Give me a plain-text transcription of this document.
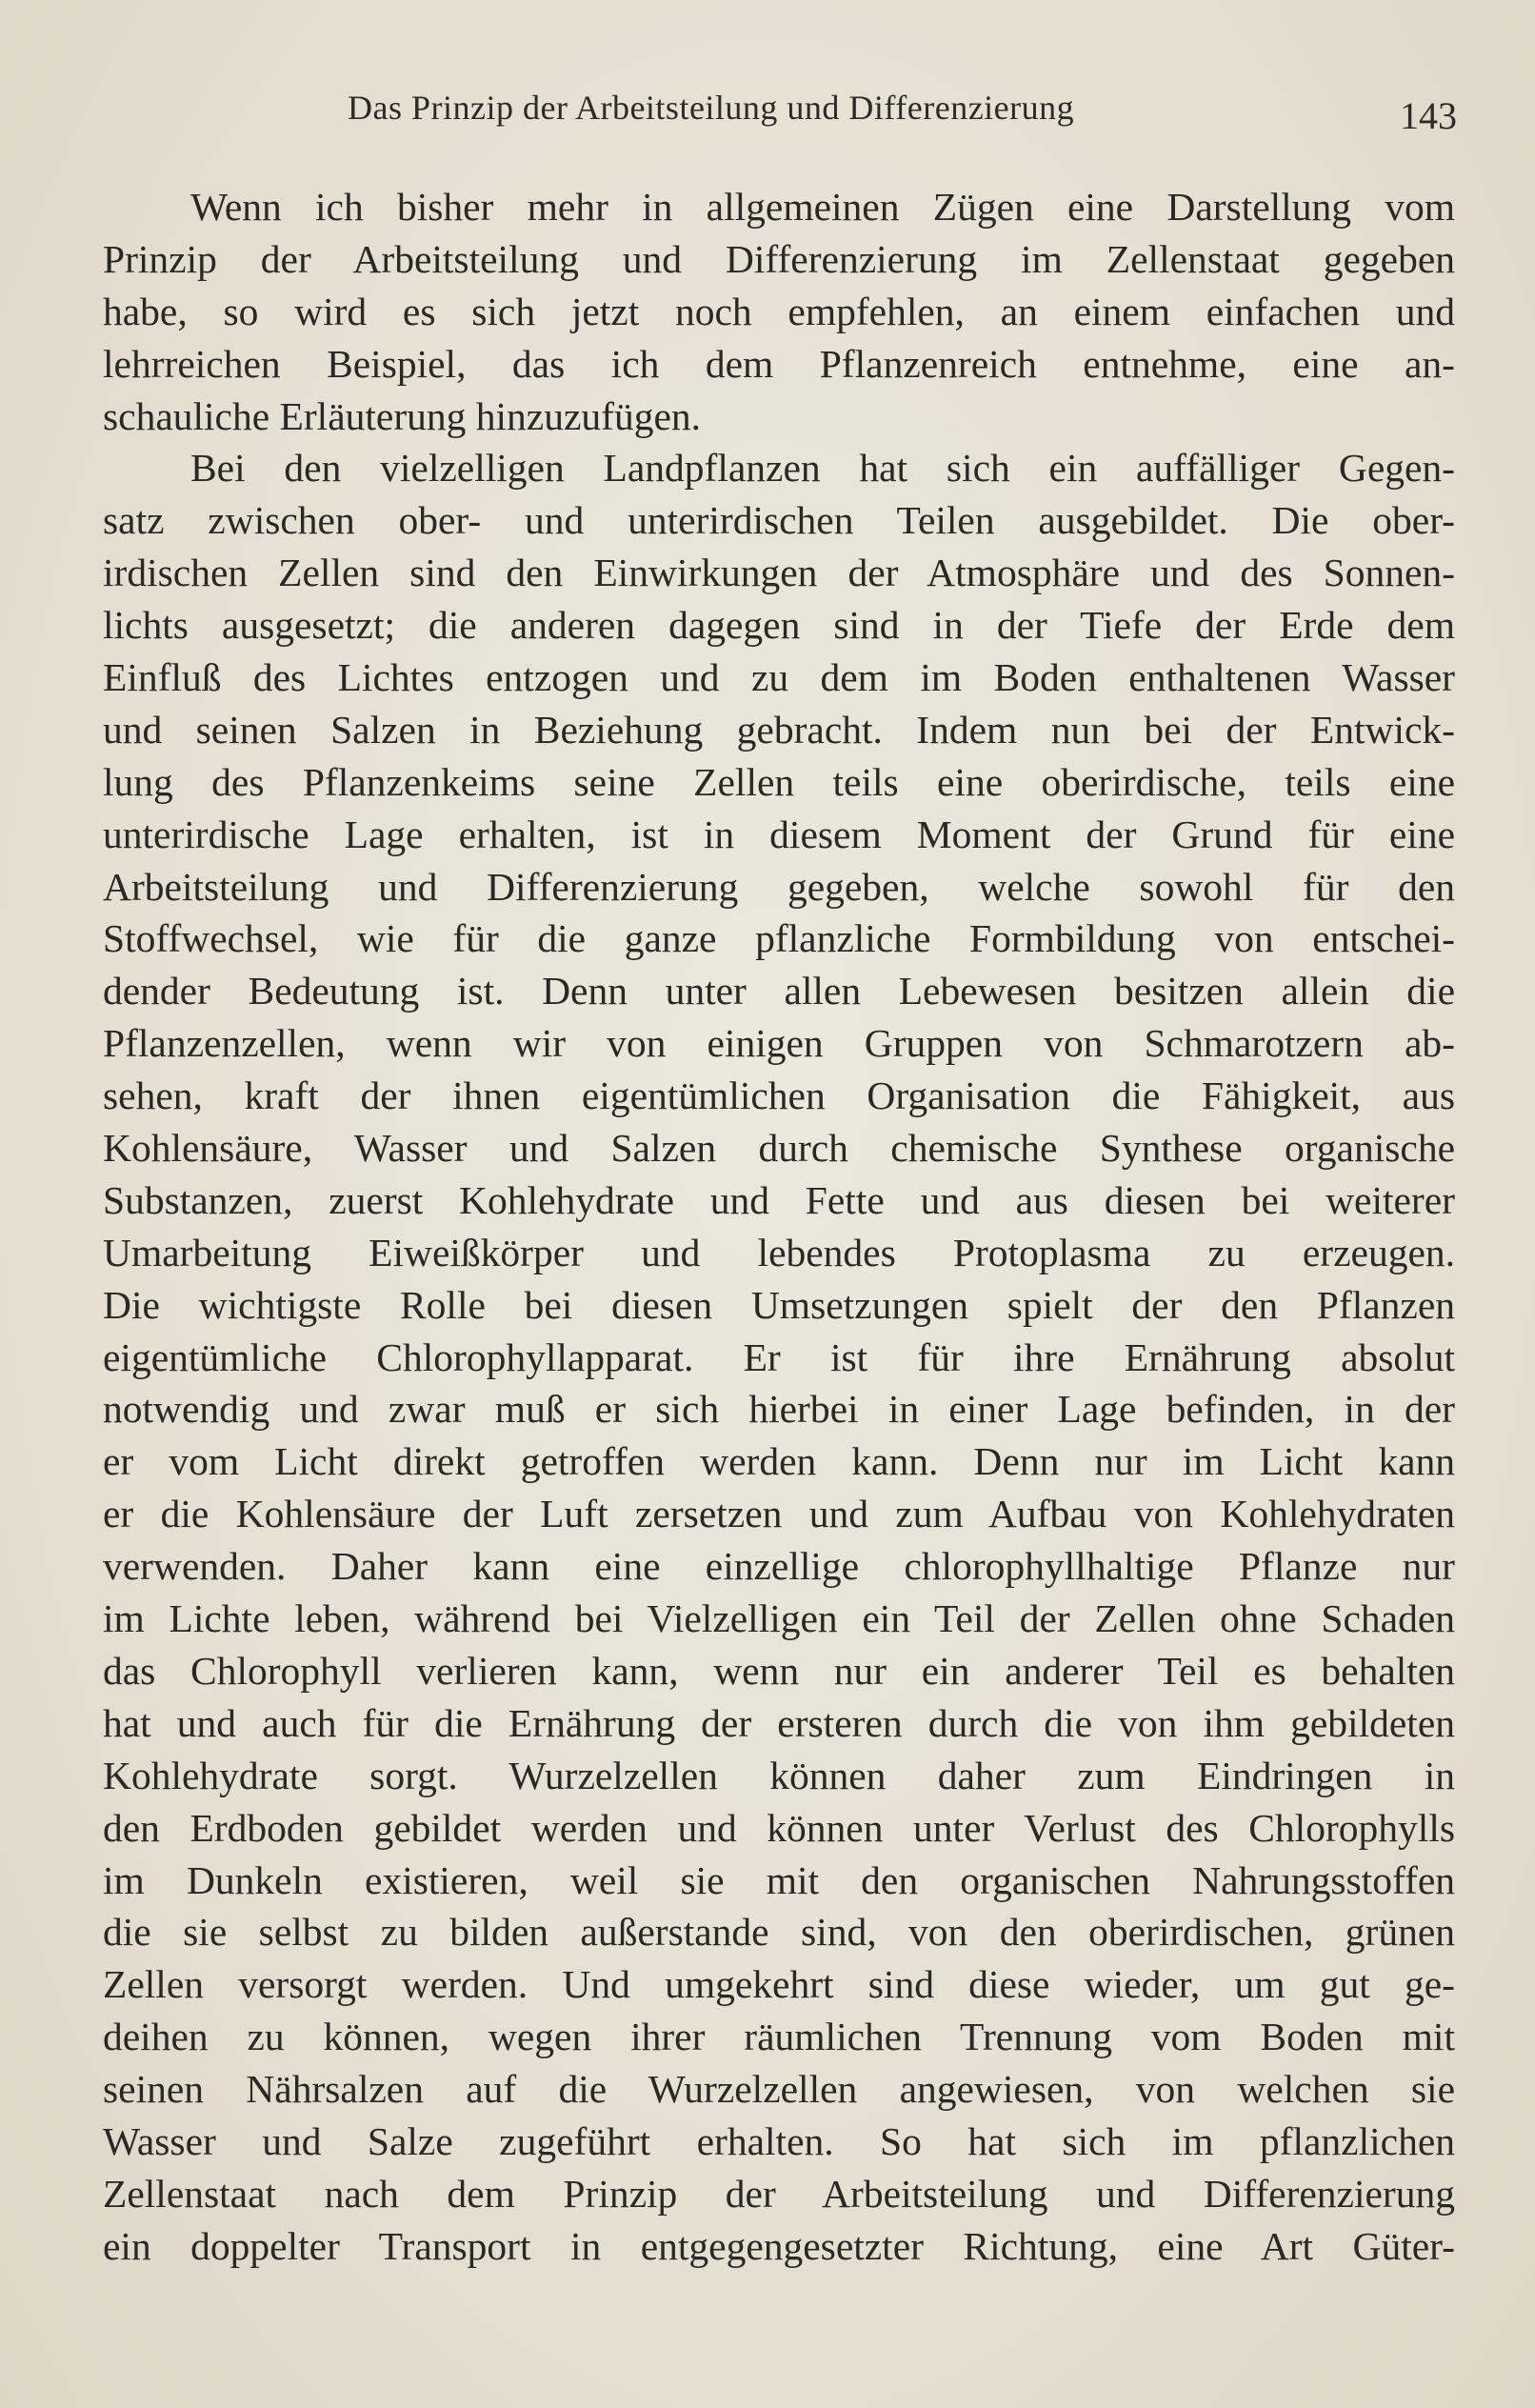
Das Prinzip der Arbeitsteilung und Differenzierung	143
Wenn ich bisher mehr in allgemeinen Zügen eine Darstellung vom
Prinzip der Arbeitsteilung und Differenzierung im Zellenstaat gegeben
habe, so wird es sich jetzt noch empfehlen, an einem einfachen und
lehrreichen Beispiel, das ich dem Pflanzenreich entnehme, eine an-
schauliche Erläuterung hinzuzufügen.
Bei den vielzelligen Landpflanzen hat sich ein auffälliger Gegen-
satz zwischen ober- und unterirdischen Teilen ausgebildet. Die ober-
irdischen Zellen sind den Einwirkungen der Atmosphäre und des Sonnen-
lichts ausgesetzt; die anderen dagegen sind in der Tiefe der Erde dem
Einfluß des Lichtes entzogen und zu dem im Boden enthaltenen Wasser
und seinen Salzen in Beziehung gebracht. Indem nun bei der Entwick-
lung des Pflanzenkeims seine Zellen teils eine oberirdische, teils eine
unterirdische Lage erhalten, ist in diesem Moment der Grund für eine
Arbeitsteilung und Differenzierung gegeben, welche sowohl für den
Stoffwechsel, wie für die ganze pflanzliche Formbildung von entschei-
dender Bedeutung ist. Denn unter allen Lebewesen besitzen allein die
Pflanzenzellen, wenn wir von einigen Gruppen von Schmarotzern ab-
sehen, kraft der ihnen eigentümlichen Organisation die Fähigkeit, aus
Kohlensäure, Wasser und Salzen durch chemische Synthese organische
Substanzen, zuerst Kohlehydrate und Fette und aus diesen bei weiterer
Umarbeitung Eiweißkörper und lebendes Protoplasma zu erzeugen.
Die wichtigste Rolle bei diesen Umsetzungen spielt der den Pflanzen
eigentümliche Chlorophyllapparat. Er ist für ihre Ernährung absolut
notwendig und zwar muß er sich hierbei in einer Lage befinden, in der
er vom Licht direkt getroffen werden kann. Denn nur im Licht kann
er die Kohlensäure der Luft zersetzen und zum Aufbau von Kohlehydraten
verwenden. Daher kann eine einzellige chlorophyllhaltige Pflanze nur
im Lichte leben, während bei Vielzelligen ein Teil der Zellen ohne Schaden
das Chlorophyll verlieren kann, wenn nur ein anderer Teil es behalten
hat und auch für die Ernährung der ersteren durch die von ihm gebildeten
Kohlehydrate sorgt. Wurzelzellen können daher zum Eindringen in
den Erdboden gebildet werden und können unter Verlust des Chlorophylls
im Dunkeln existieren, weil sie mit den organischen Nahrungsstoffen
die sie selbst zu bilden außerstande sind, von den oberirdischen, grünen
Zellen versorgt werden. Und umgekehrt sind diese wieder, um gut ge-
deihen zu können, wegen ihrer räumlichen Trennung vom Boden mit
seinen Nährsalzen auf die Wurzelzellen angewiesen, von welchen sie
Wasser und Salze zugeführt erhalten. So hat sich im pflanzlichen
Zellenstaat nach dem Prinzip der Arbeitsteilung und Differenzierung
ein doppelter Transport in entgegengesetzter Richtung, eine Art Güter-
